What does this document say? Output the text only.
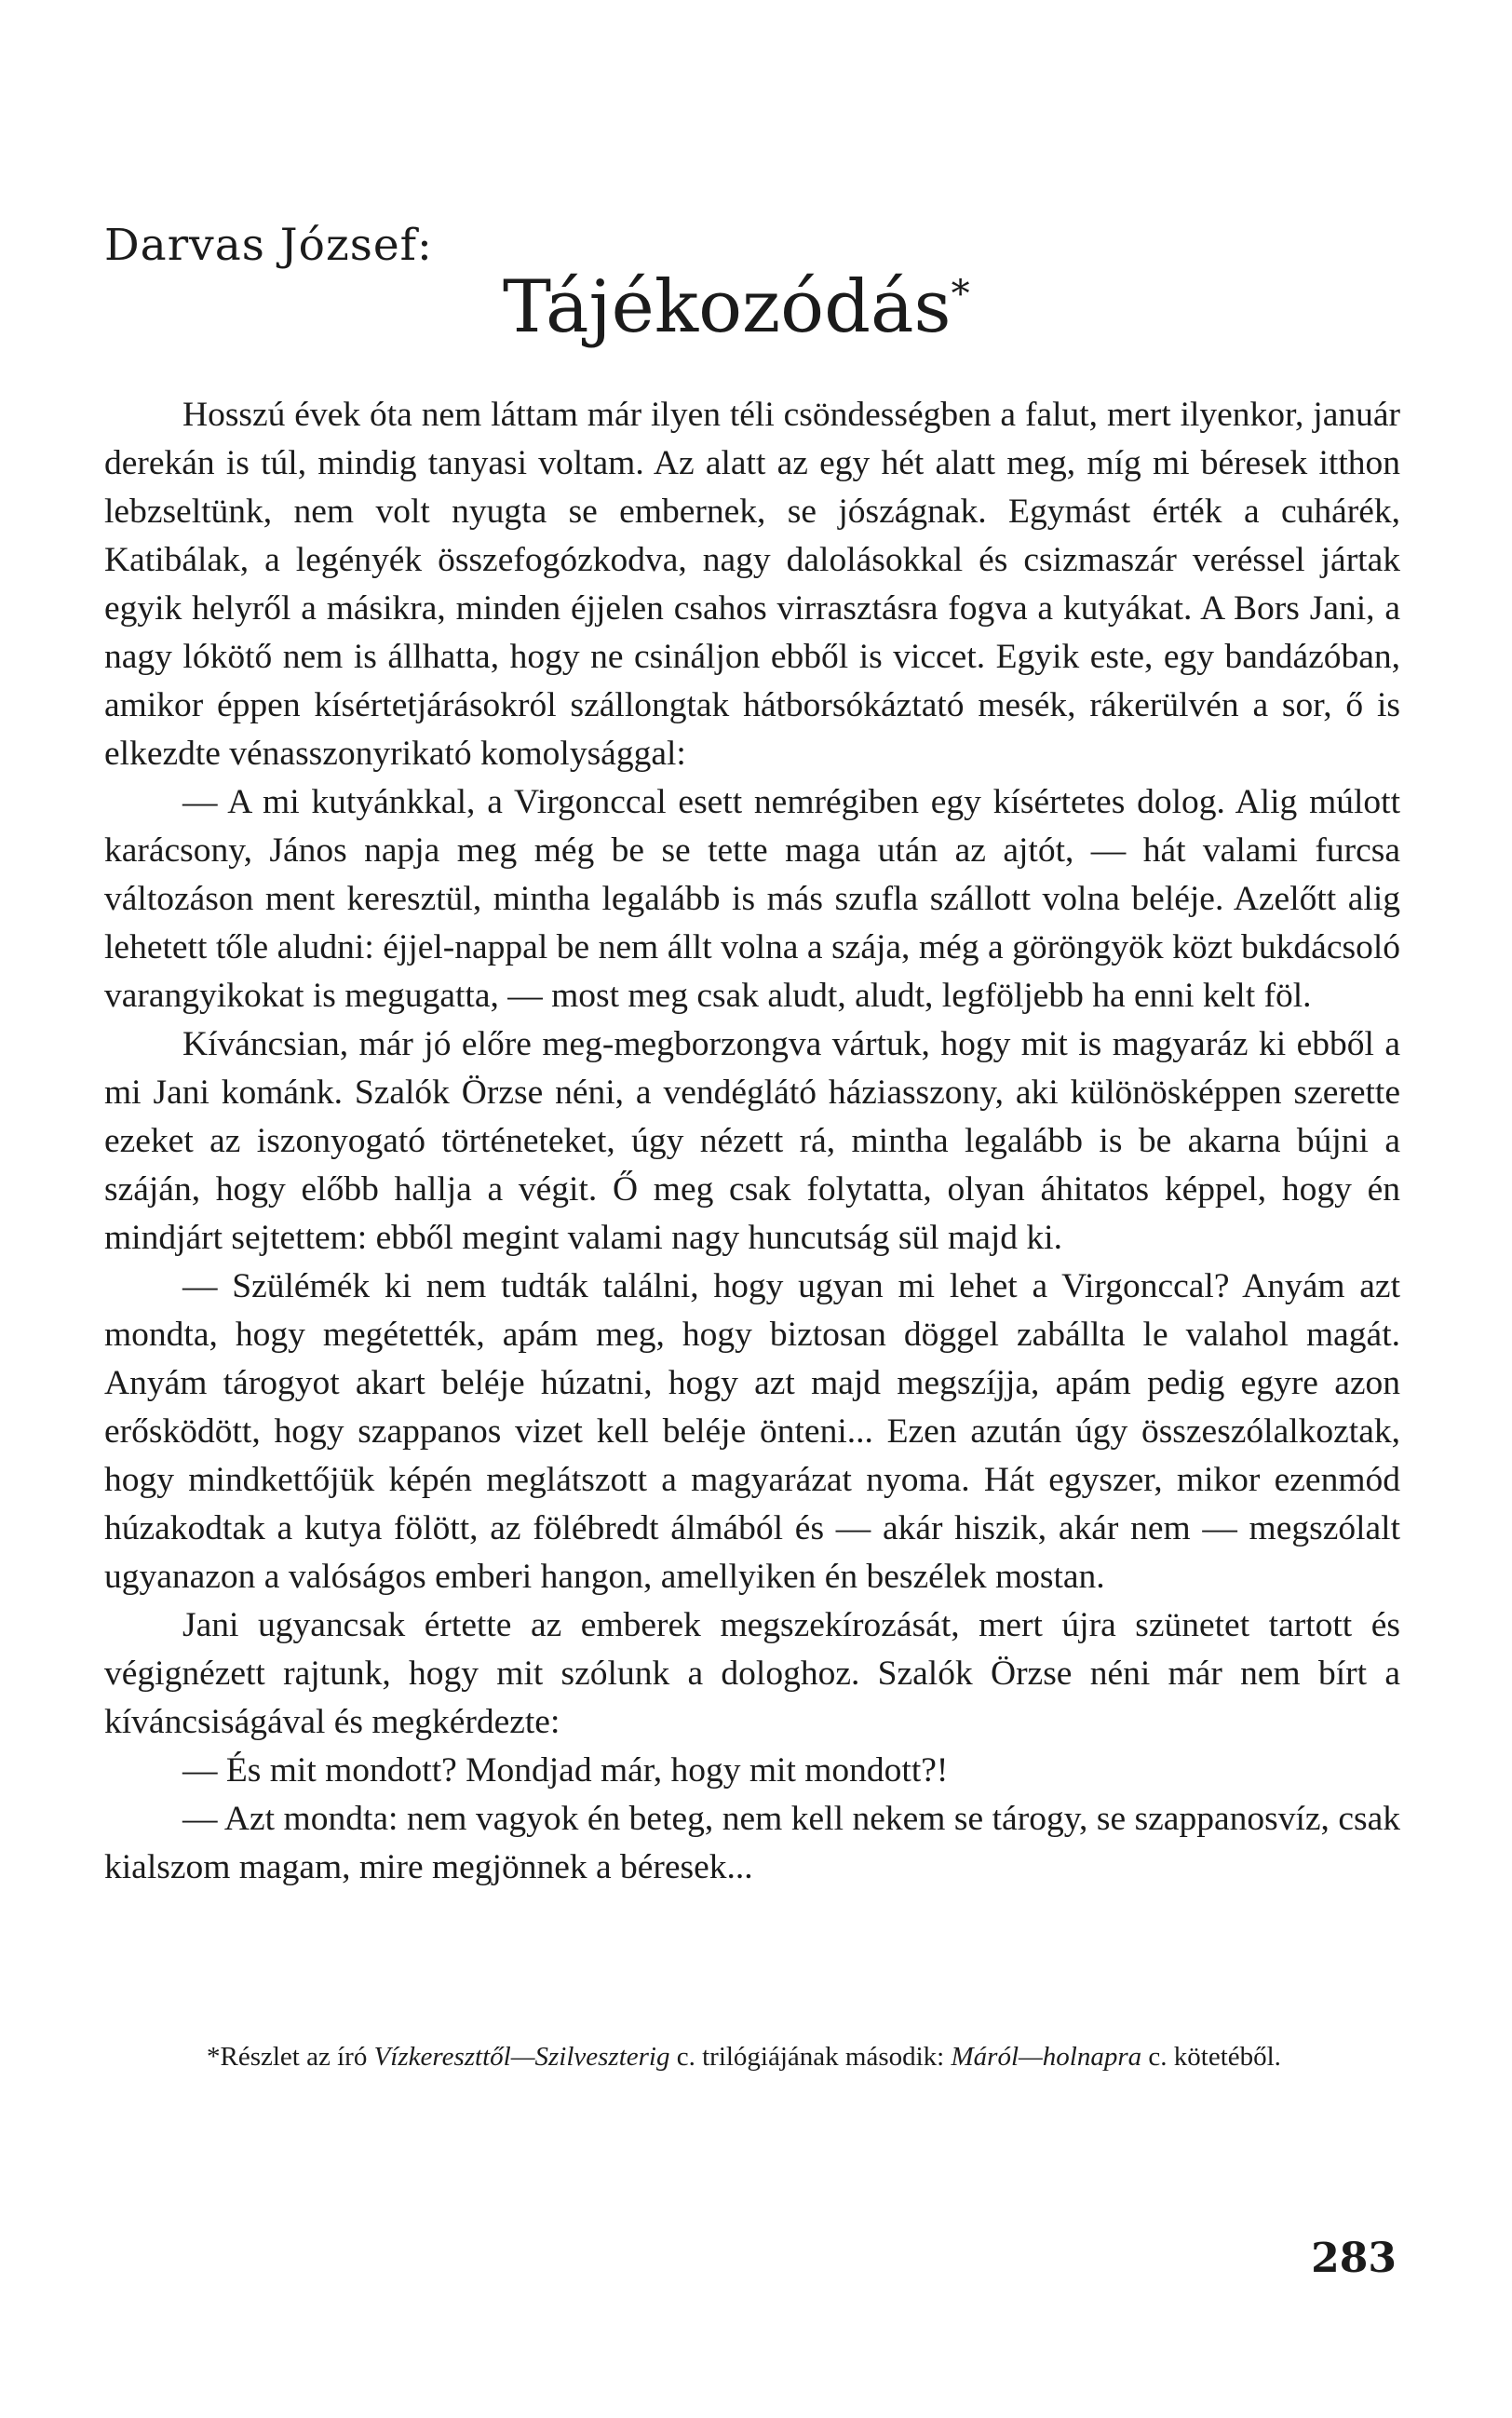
Darvas József:
Tájékozódás*

Hosszú évek óta nem láttam már ilyen téli csöndességben a falut, mert ilyenkor, január derekán is túl, mindig tanyasi voltam. Az alatt az egy hét alatt meg, míg mi béresek itthon lebzseltünk, nem volt nyugta se embernek, se jószágnak. Egymást érték a cuhárék, Katibálak, a legényék összefogózkodva, nagy dalolásokkal és csizmaszár veréssel jártak egyik helyről a másikra, minden éjjelen csahos virrasztásra fogva a kutyákat. A Bors Jani, a nagy lókötő nem is állhatta, hogy ne csináljon ebből is viccet. Egyik este, egy bandázóban, amikor éppen kísértetjárásokról szállongtak hátborsókáztató mesék, rákerülvén a sor, ő is elkezdte vénasszonyrikató komolysággal:

— A mi kutyánkkal, a Virgonccal esett nemrégiben egy kísértetes dolog. Alig múlott karácsony, János napja meg még be se tette maga után az ajtót, — hát valami furcsa változáson ment keresztül, mintha legalább is más szufla szállott volna beléje. Azelőtt alig lehetett tőle aludni: éjjel-nappal be nem állt volna a szája, még a göröngyök közt bukdácsoló varangyikokat is megugatta, — most meg csak aludt, aludt, legföljebb ha enni kelt föl.

Kíváncsian, már jó előre meg-megborzongva vártuk, hogy mit is magyaráz ki ebből a mi Jani kománk. Szalók Örzse néni, a vendéglátó háziasszony, aki különösképpen szerette ezeket az iszonyogató történeteket, úgy nézett rá, mintha legalább is be akarna bújni a száján, hogy előbb hallja a végit. Ő meg csak folytatta, olyan áhitatos képpel, hogy én mindjárt sejtettem: ebből megint valami nagy huncutság sül majd ki.

— Szülémék ki nem tudták találni, hogy ugyan mi lehet a Virgonccal? Anyám azt mondta, hogy megétették, apám meg, hogy biztosan döggel zabállta le valahol magát. Anyám tárogyot akart beléje húzatni, hogy azt majd megszíjja, apám pedig egyre azon erősködött, hogy szappanos vizet kell beléje önteni... Ezen azután úgy összeszólalkoztak, hogy mindkettőjük képén meglátszott a magyarázat nyoma. Hát egyszer, mikor ezenmód húzakodtak a kutya fölött, az fölébredt álmából és — akár hiszik, akár nem — megszólalt ugyanazon a valóságos emberi hangon, amellyiken én beszélek mostan.

Jani ugyancsak értette az emberek megszekírozását, mert újra szünetet tartott és végignézett rajtunk, hogy mit szólunk a dologhoz. Szalók Örzse néni már nem bírt a kíváncsiságával és megkérdezte:

— És mit mondott? Mondjad már, hogy mit mondott?!

— Azt mondta: nem vagyok én beteg, nem kell nekem se tárogy, se szappanosvíz, csak kialszom magam, mire megjönnek a béresek...

*Részlet az író Vízkereszttől—Szilveszterig c. trilógiájának második: Máról—holnapra c. kötetéből.
283
